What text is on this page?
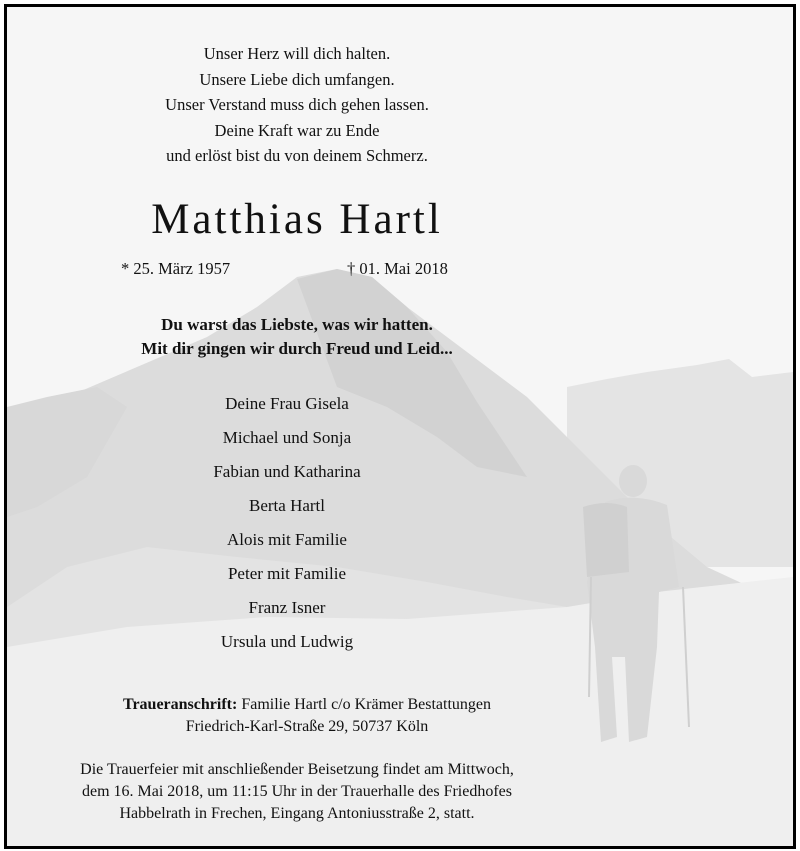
Unser Herz will dich halten.
Unsere Liebe dich umfangen.
Unser Verstand muss dich gehen lassen.
Deine Kraft war zu Ende
und erlöst bist du von deinem Schmerz.
Matthias Hartl
* 25. März 1957	† 01. Mai 2018
Du warst das Liebste, was wir hatten.
Mit dir gingen wir durch Freud und Leid...
Deine Frau Gisela
Michael und Sonja
Fabian und Katharina
Berta Hartl
Alois mit Familie
Peter mit Familie
Franz Isner
Ursula und Ludwig
Traueranschrift: Familie Hartl c/o Krämer Bestattungen
Friedrich-Karl-Straße 29, 50737 Köln
Die Trauerfeier mit anschließender Beisetzung findet am Mittwoch,
dem 16. Mai 2018, um 11:15 Uhr in der Trauerhalle des Friedhofes
Habbelrath in Frechen, Eingang Antoniusstraße 2, statt.
